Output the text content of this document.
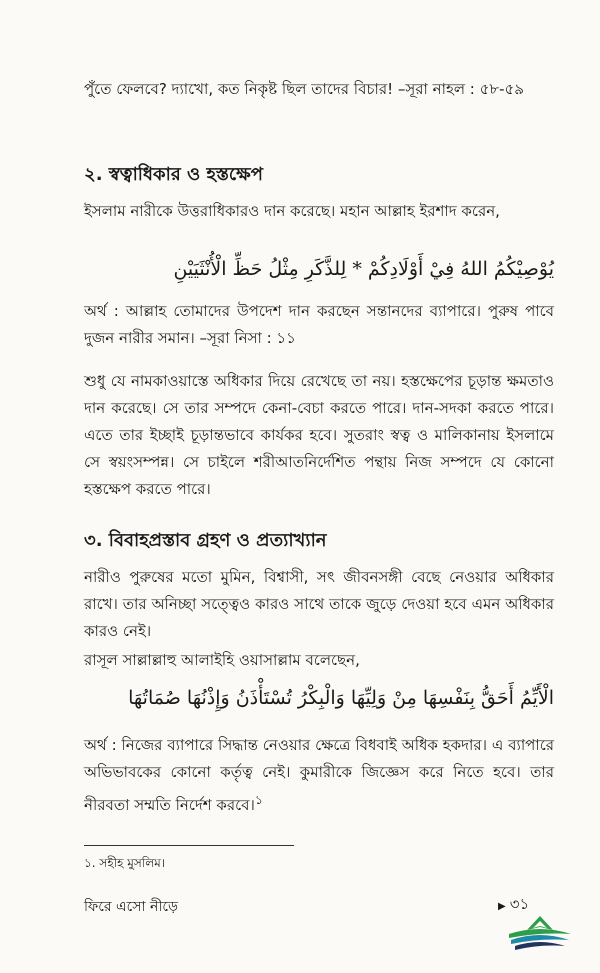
পুঁতে ফেলবে? দ্যাখো, কত নিকৃষ্ট ছিল তাদের বিচার! –সূরা নাহল : ৫৮-৫৯

২. স্বত্বাধিকার ও হস্তক্ষেপ

ইসলাম নারীকে উত্তরাধিকারও দান করেছে। মহান আল্লাহ ইরশাদ করেন,

يُوْصِيْكُمُ اللهُ فِيْ أَوْلَادِكُمْ * لِلذَّكَرِ مِثْلُ حَظِّ الْأُنْثَيَيْنِ

অর্থ : আল্লাহ তোমাদের উপদেশ দান করছেন সন্তানদের ব্যাপারে। পুরুষ পাবে দুজন নারীর সমান। –সূরা নিসা : ১১

শুধু যে নামকাওয়াস্তে অধিকার দিয়ে রেখেছে তা নয়। হস্তক্ষেপের চূড়ান্ত ক্ষমতাও দান করেছে। সে তার সম্পদে কেনা-বেচা করতে পারে। দান-সদকা করতে পারে। এতে তার ইচ্ছাই চূড়ান্তভাবে কার্যকর হবে। সুতরাং স্বত্ব ও মালিকানায় ইসলামে সে স্বয়ংসম্পন্ন। সে চাইলে শরীআতনির্দেশিত পন্থায় নিজ সম্পদে যে কোনো হস্তক্ষেপ করতে পারে।

৩. বিবাহপ্রস্তাব গ্রহণ ও প্রত্যাখ্যান

নারীও পুরুষের মতো মুমিন, বিশ্বাসী, সৎ জীবনসঙ্গী বেছে নেওয়ার অধিকার রাখে। তার অনিচ্ছা সত্ত্বেও কারও সাথে তাকে জুড়ে দেওয়া হবে এমন অধিকার কারও নেই।

রাসূল সাল্লাল্লাহু আলাইহি ওয়াসাল্লাম বলেছেন,

الْأَيِّمُ أَحَقُّ بِنَفْسِهَا مِنْ وَلِيِّهَا وَالْبِكْرُ تُسْتَأْذَنُ وَإِذْنُهَا صُمَاتُهَا

অর্থ : নিজের ব্যাপারে সিদ্ধান্ত নেওয়ার ক্ষেত্রে বিধবাই অধিক হকদার। এ ব্যাপারে অভিভাবকের কোনো কর্তৃত্ব নেই। কুমারীকে জিজ্ঞেস করে নিতে হবে। তার নীরবতা সম্মতি নির্দেশ করবে।$^১$

১. সহীহ মুসলিম।
ফিরে এসো নীড়ে	▶ ৩১
